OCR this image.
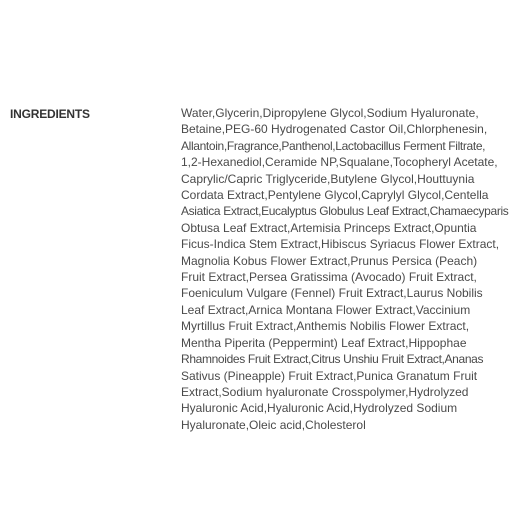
INGREDIENTS	Water,Glycerin,Dipropylene Glycol,Sodium Hyaluronate,
Betaine,PEG-60 Hydrogenated Castor Oil,Chlorphenesin,
Allantoin,Fragrance,Panthenol,Lactobacillus Ferment Filtrate,
1,2-Hexanediol,Ceramide NP,Squalane,Tocopheryl Acetate,
Caprylic/Capric Triglyceride,Butylene Glycol,Houttuynia
Cordata Extract,Pentylene Glycol,Caprylyl Glycol,Centella
Asiatica Extract,Eucalyptus Globulus Leaf Extract,Chamaecyparis
Obtusa Leaf Extract,Artemisia Princeps Extract,Opuntia
Ficus-Indica Stem Extract,Hibiscus Syriacus Flower Extract,
Magnolia Kobus Flower Extract,Prunus Persica (Peach)
Fruit Extract,Persea Gratissima (Avocado) Fruit Extract,
Foeniculum Vulgare (Fennel) Fruit Extract,Laurus Nobilis
Leaf Extract,Arnica Montana Flower Extract,Vaccinium
Myrtillus Fruit Extract,Anthemis Nobilis Flower Extract,
Mentha Piperita (Peppermint) Leaf Extract,Hippophae
Rhamnoides Fruit Extract,Citrus Unshiu Fruit Extract,Ananas
Sativus (Pineapple) Fruit Extract,Punica Granatum Fruit
Extract,Sodium hyaluronate Crosspolymer,Hydrolyzed
Hyaluronic Acid,Hyaluronic Acid,Hydrolyzed Sodium
Hyaluronate,Oleic acid,Cholesterol
